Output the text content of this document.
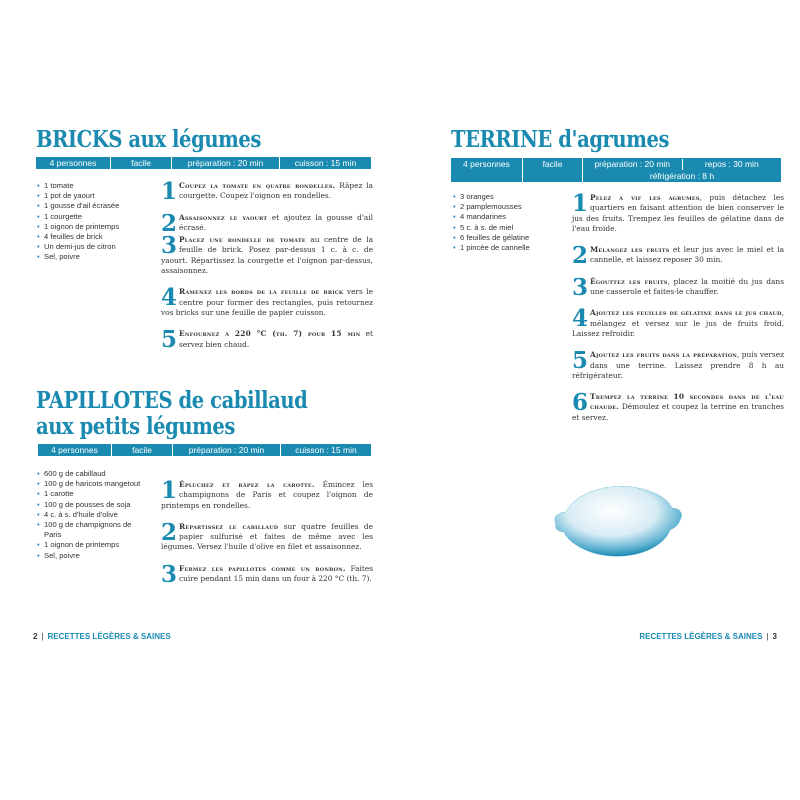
BRICKS aux légumes
4 personnes	facile	préparation : 20 min	cuisson : 15 min
• 1 tomate
• 1 pot de yaourt
• 1 gousse d'ail écrasée
• 1 courgette
• 1 oignon de printemps
• 4 feuilles de brick
• Un demi-jus de citron
• Sel, poivre
1 Coupez la tomate en quatre rondelles. Râpez la courgette. Coupez l'oignon en rondelles.
2 Assaisonnez le yaourt et ajoutez la gousse d'ail écrasé.
3 Placez une rondelle de tomate au centre de la feuille de brick. Posez par-dessus 1 c. à c. de yaourt. Répartissez la courgette et l'oignon par-dessus, assaisonnez.
4 Ramenez les bords de la feuille de brick vers le centre pour former des rectangles, puis retournez vos bricks sur une feuille de papier cuisson.
5 Enfournez à 220 °C (th. 7) pour 15 min et servez bien chaud.
PAPILLOTES de cabillaud
aux petits légumes
4 personnes	facile	préparation : 20 min	cuisson : 15 min
• 600 g de cabillaud
• 100 g de haricots mangetout
• 1 carotte
• 100 g de pousses de soja
• 4 c. à s. d'huile d'olive
• 100 g de champignons de Paris
• 1 oignon de printemps
• Sel, poivre
1 Épluchez et râpez la carotte. Émincez les champignons de Paris et coupez l'oignon de printemps en rondelles.
2 Répartissez le cabillaud sur quatre feuilles de papier sulfurisé et faites de même avec les légumes. Versez l'huile d'olive en filet et assaisonnez.
3 Fermez les papillotes comme un bonbon. Faites cuire pendant 15 min dans un four à 220 °C (th. 7).
TERRINE d'agrumes
4 personnes	facile	préparation : 20 min	repos : 30 min
réfrigération : 8 h
• 3 oranges
• 2 pamplemousses
• 4 mandarines
• 5 c. à s. de miel
• 6 feuilles de gélatine
• 1 pincée de cannelle
1 Pelez à vif les agrumes, puis détachez les quartiers en faisant attention de bien conserver le jus des fruits. Trempez les feuilles de gélatine dans de l'eau froide.
2 Mélangez les fruits et leur jus avec le miel et la cannelle, et laissez reposer 30 min.
3 Égouttez les fruits, placez la moitié du jus dans une casserole et faites-le chauffer.
4 Ajoutez les feuilles de gélatine dans le jus chaud, mélangez et versez sur le jus de fruits froid. Laissez refroidir.
5 Ajoutez les fruits dans la préparation, puis versez dans une terrine. Laissez prendre 8 h au réfrigérateur.
6 Trempez la terrine 10 secondes dans de l'eau chaude. Démoulez et coupez la terrine en tranches et servez.
2 | RECETTES LÉGÈRES & SAINES	RECETTES LÉGÈRES & SAINES | 3
